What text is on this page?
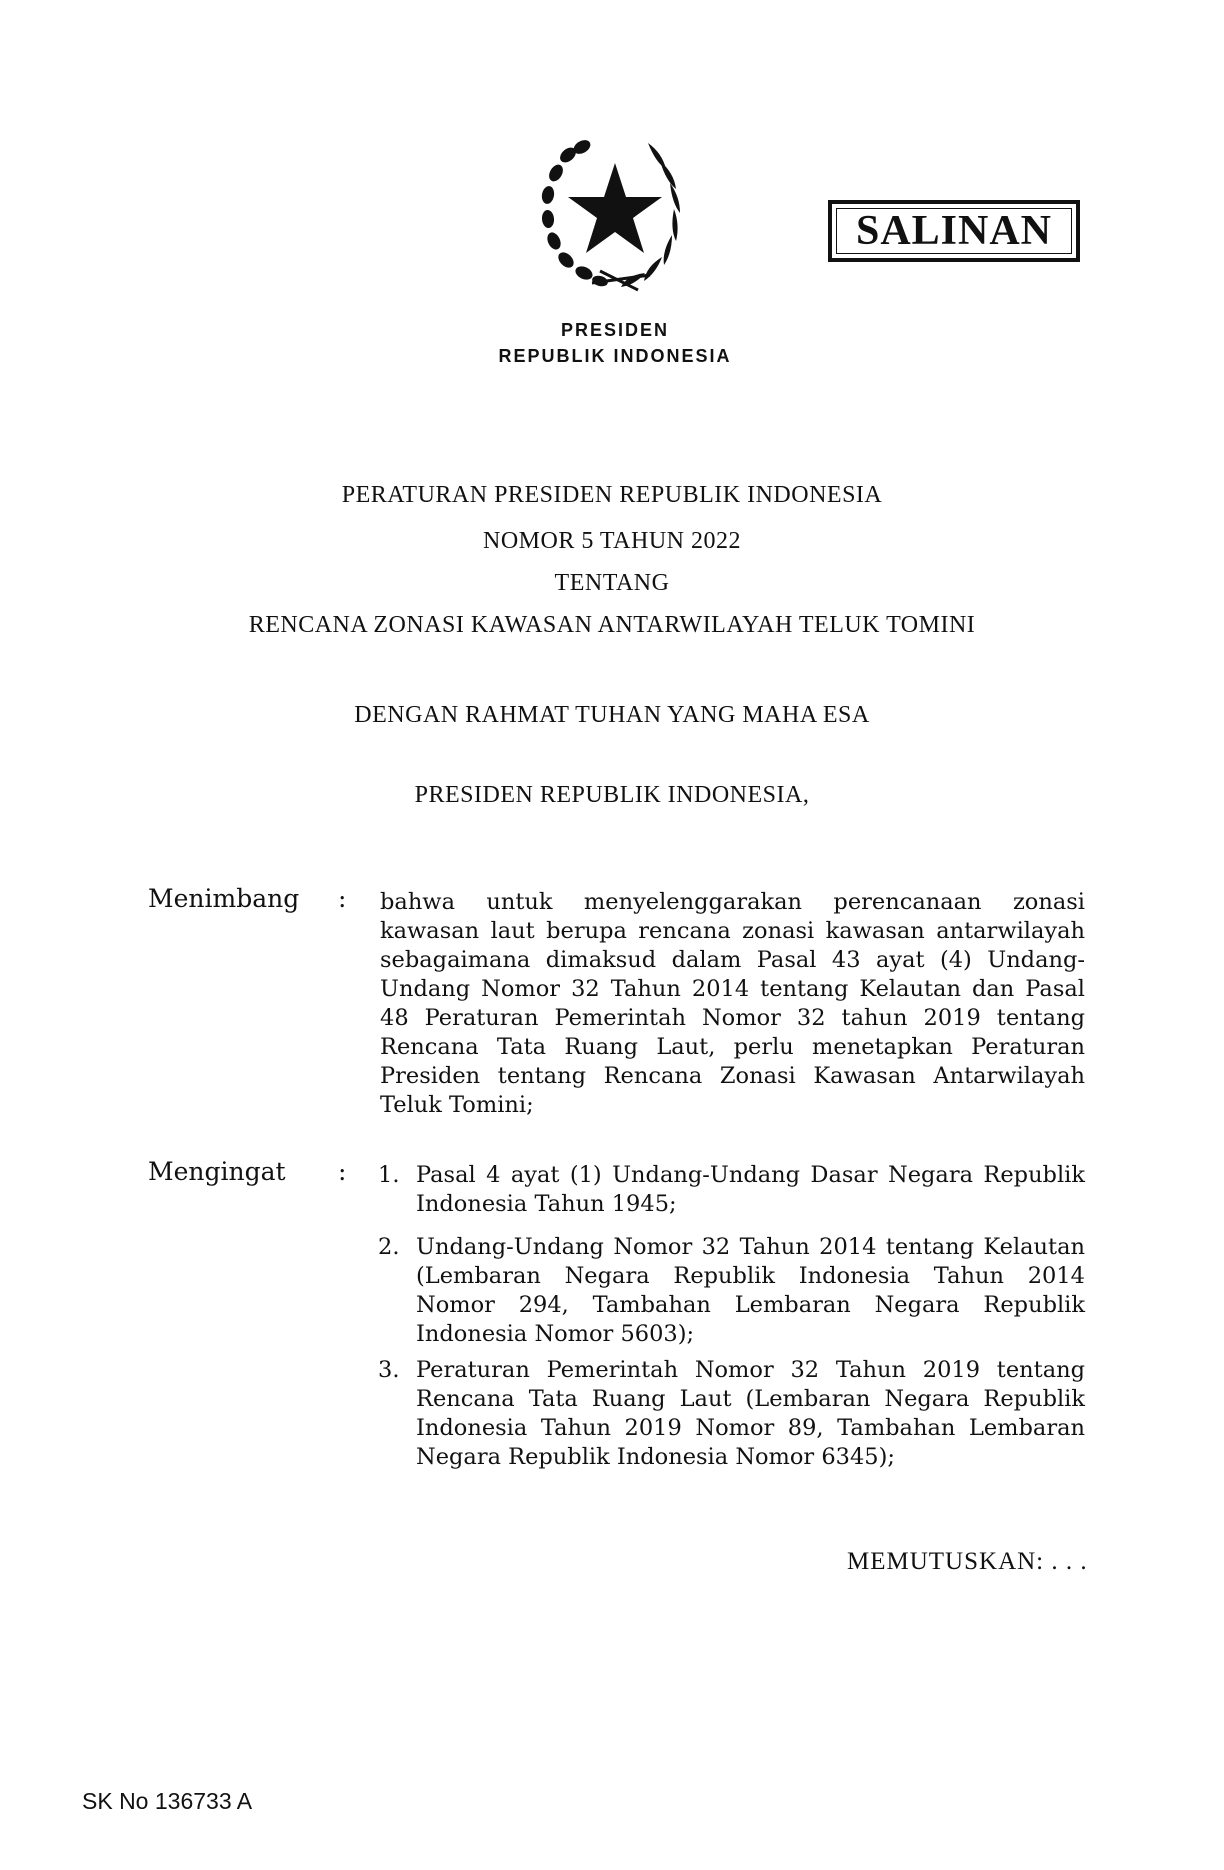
SALINAN
PRESIDEN
REPUBLIK INDONESIA
PERATURAN PRESIDEN REPUBLIK INDONESIA
NOMOR 5 TAHUN 2022
TENTANG
RENCANA ZONASI KAWASAN ANTARWILAYAH TELUK TOMINI
DENGAN RAHMAT TUHAN YANG MAHA ESA
PRESIDEN REPUBLIK INDONESIA,
Menimbang : bahwa untuk menyelenggarakan perencanaan zonasi kawasan laut berupa rencana zonasi kawasan antarwilayah sebagaimana dimaksud dalam Pasal 43 ayat (4) Undang-Undang Nomor 32 Tahun 2014 tentang Kelautan dan Pasal 48 Peraturan Pemerintah Nomor 32 tahun 2019 tentang Rencana Tata Ruang Laut, perlu menetapkan Peraturan Presiden tentang Rencana Zonasi Kawasan Antarwilayah Teluk Tomini;
Mengingat : 1. Pasal 4 ayat (1) Undang-Undang Dasar Negara Republik Indonesia Tahun 1945;
2. Undang-Undang Nomor 32 Tahun 2014 tentang Kelautan (Lembaran Negara Republik Indonesia Tahun 2014 Nomor 294, Tambahan Lembaran Negara Republik Indonesia Nomor 5603);
3. Peraturan Pemerintah Nomor 32 Tahun 2019 tentang Rencana Tata Ruang Laut (Lembaran Negara Republik Indonesia Tahun 2019 Nomor 89, Tambahan Lembaran Negara Republik Indonesia Nomor 6345);
MEMUTUSKAN: . . .
SK No 136733 A
